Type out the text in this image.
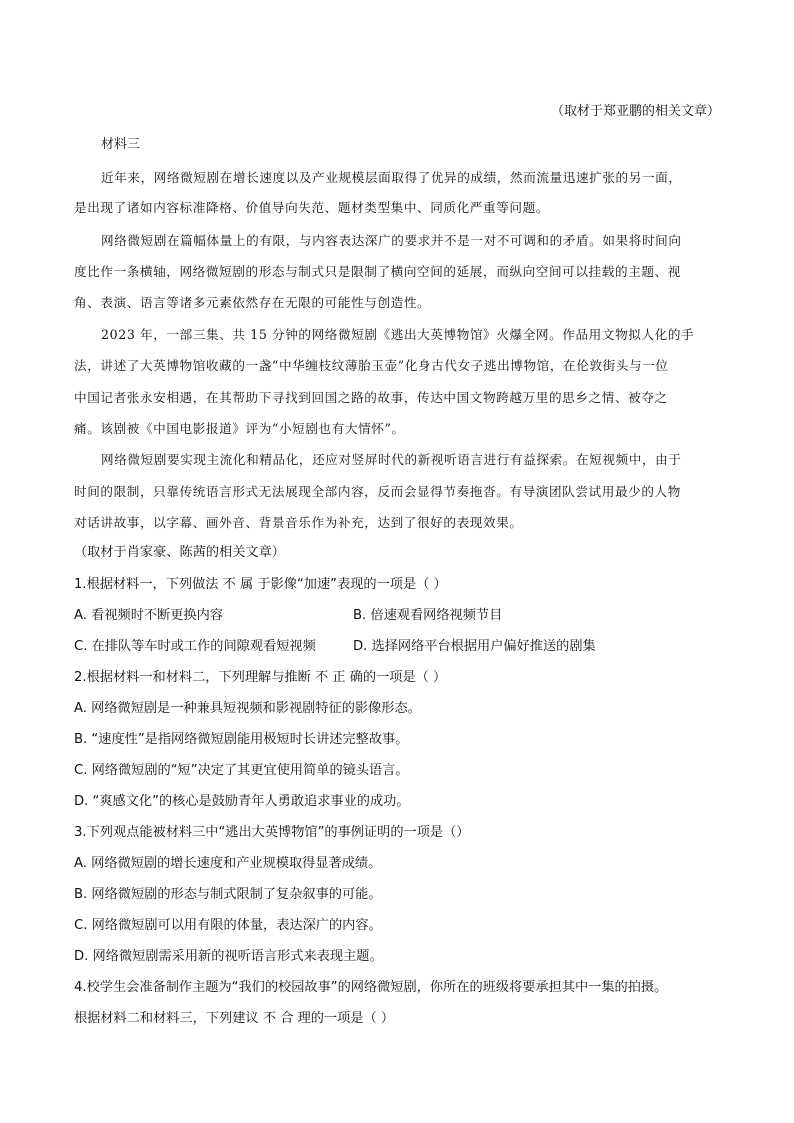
（取材于郑亚鹏的相关文章）
材料三
近年来，网络微短剧在增长速度以及产业规模层面取得了优异的成绩，然而流量迅速扩张的另一面，
是出现了诸如内容标准降格、价值导向失范、题材类型集中、同质化严重等问题。
网络微短剧在篇幅体量上的有限，与内容表达深广的要求并不是一对不可调和的矛盾。如果将时间向
度比作一条横轴，网络微短剧的形态与制式只是限制了横向空间的延展，而纵向空间可以挂载的主题、视
角、表演、语言等诸多元素依然存在无限的可能性与创造性。
2023 年，一部三集、共 15 分钟的网络微短剧《逃出大英博物馆》火爆全网。作品用文物拟人化的手
法，讲述了大英博物馆收藏的一盏“中华缠枝纹薄胎玉壶”化身古代女子逃出博物馆，在伦敦街头与一位
中国记者张永安相遇，在其帮助下寻找到回国之路的故事，传达中国文物跨越万里的思乡之情、被夺之
痛。该剧被《中国电影报道》评为“小短剧也有大情怀”。
网络微短剧要实现主流化和精品化，还应对竖屏时代的新视听语言进行有益探索。在短视频中，由于
时间的限制，只靠传统语言形式无法展现全部内容，反而会显得节奏拖沓。有导演团队尝试用最少的人物
对话讲故事，以字幕、画外音、背景音乐作为补充，达到了很好的表现效果。
（取材于肖家豪、陈茜的相关文章）
1.根据材料一，下列做法 不 属 于影像“加速”表现的一项是（ ）
A. 看视频时不断更换内容	B. 倍速观看网络视频节目
C. 在排队等车时或工作的间隙观看短视频	D. 选择网络平台根据用户偏好推送的剧集
2.根据材料一和材料二，下列理解与推断 不 正 确的一项是（ ）
A. 网络微短剧是一种兼具短视频和影视剧特征的影像形态。
B. “速度性”是指网络微短剧能用极短时长讲述完整故事。
C. 网络微短剧的“短”决定了其更宜使用简单的镜头语言。
D. “爽感文化”的核心是鼓励青年人勇敢追求事业的成功。
3.下列观点能被材料三中“逃出大英博物馆”的事例证明的一项是（）
A. 网络微短剧的增长速度和产业规模取得显著成绩。
B. 网络微短剧的形态与制式限制了复杂叙事的可能。
C. 网络微短剧可以用有限的体量，表达深广的内容。
D. 网络微短剧需采用新的视听语言形式来表现主题。
4.校学生会准备制作主题为“我们的校园故事”的网络微短剧，你所在的班级将要承担其中一集的拍摄。
根据材料二和材料三，下列建议 不 合 理的一项是（ ）
